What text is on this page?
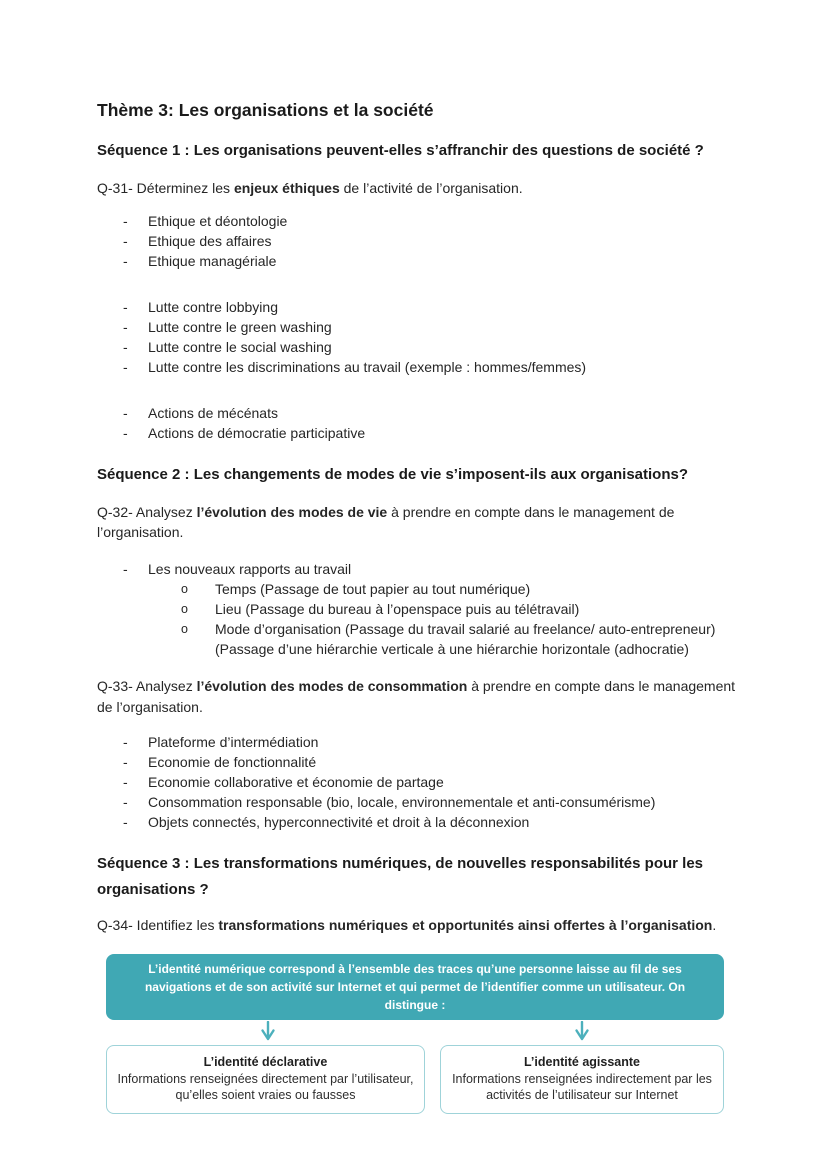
Thème 3: Les organisations et la société
Séquence 1 : Les organisations peuvent-elles s’affranchir des questions de société ?

Q-31- Déterminez les enjeux éthiques de l’activité de l’organisation.

- Ethique et déontologie
- Ethique des affaires
- Ethique managériale
- Lutte contre lobbying
- Lutte contre le green washing
- Lutte contre le social washing
- Lutte contre les discriminations au travail (exemple : hommes/femmes)
- Actions de mécénats
- Actions de démocratie participative
Séquence 2 : Les changements de modes de vie s’imposent-ils aux organisations?

Q-32- Analysez l’évolution des modes de vie à prendre en compte dans le management de l’organisation.

- Les nouveaux rapports au travail
o Temps (Passage de tout papier au tout numérique)
o Lieu (Passage du bureau à l’openspace puis au télétravail)
o Mode d’organisation (Passage du travail salarié au freelance/ auto-entrepreneur)
(Passage d’une hiérarchie verticale à une hiérarchie horizontale (adhocratie)

Q-33- Analysez l’évolution des modes de consommation à prendre en compte dans le management de l’organisation.

- Plateforme d’intermédiation
- Economie de fonctionnalité
- Economie collaborative et économie de partage
- Consommation responsable (bio, locale, environnementale et anti-consumérisme)
- Objets connectés, hyperconnectivité et droit à la déconnexion
Séquence 3 : Les transformations numériques, de nouvelles responsabilités pour les organisations ?

Q-34- Identifiez les transformations numériques et opportunités ainsi offertes à l’organisation.

L’identité numérique correspond à l’ensemble des traces qu’une personne laisse au fil de ses navigations et de son activité sur Internet et qui permet de l’identifier comme un utilisateur. On distingue :
L’identité déclarative
Informations renseignées directement par l’utilisateur, qu’elles soient vraies ou fausses
L’identité agissante
Informations renseignées indirectement par les activités de l’utilisateur sur Internet
